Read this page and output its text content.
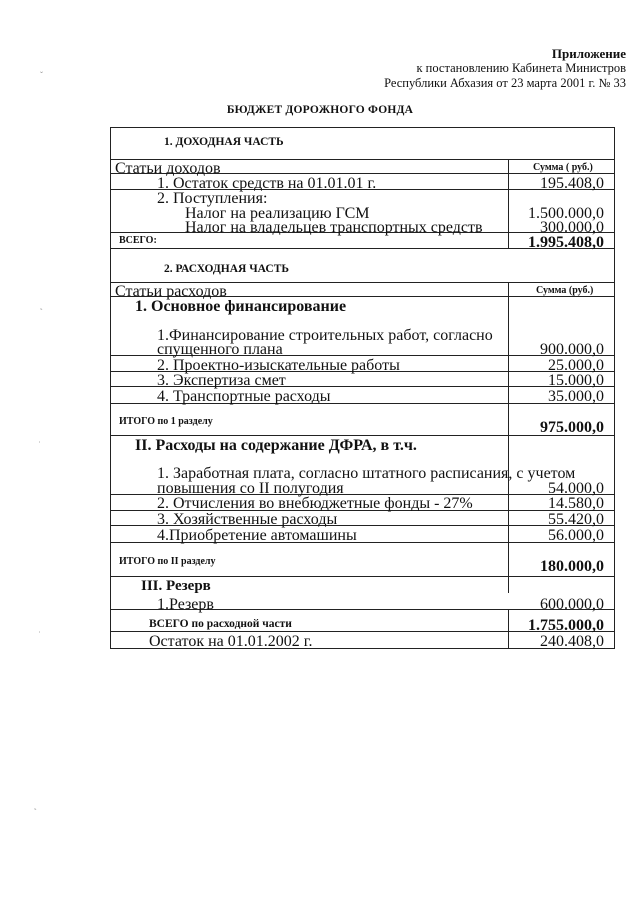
Приложение
к постановлению Кабинета Министров
Республики Абхазия от 23 марта 2001 г. № 33
БЮДЖЕТ ДОРОЖНОГО ФОНДА
1. ДОХОДНАЯ ЧАСТЬ
Статьи доходов	Сумма ( руб.)
1. Остаток средств на 01.01.01 г.	195.408,0
2. Поступления:
Налог на реализацию ГСМ	1.500.000,0
Налог на владельцев транспортных средств	300.000,0
ВСЕГО:	1.995.408,0
2. РАСХОДНАЯ ЧАСТЬ
Статьи расходов	Сумма (руб.)
1. Основное финансирование
1.Финансирование строительных работ, согласно
спущенного плана	900.000,0
2. Проектно-изыскательные работы	25.000,0
3. Экспертиза смет	15.000,0
4. Транспортные расходы	35.000,0
ИТОГО по 1 разделу	975.000,0
II. Расходы на содержание ДФРА, в т.ч.
1. Заработная плата, согласно штатного расписания, с учетом
повышения со II полугодия	54.000,0
2. Отчисления во внебюджетные фонды - 27%	14.580,0
3. Хозяйственные расходы	55.420,0
4.Приобретение автомашины	56.000,0
ИТОГО по II разделу	180.000,0
III. Резерв
1.Резерв	600.000,0
ВСЕГО по расходной части	1.755.000,0
Остаток на 01.01.2002 г.	240.408,0
ˇ
˛
˙
˙
˛
